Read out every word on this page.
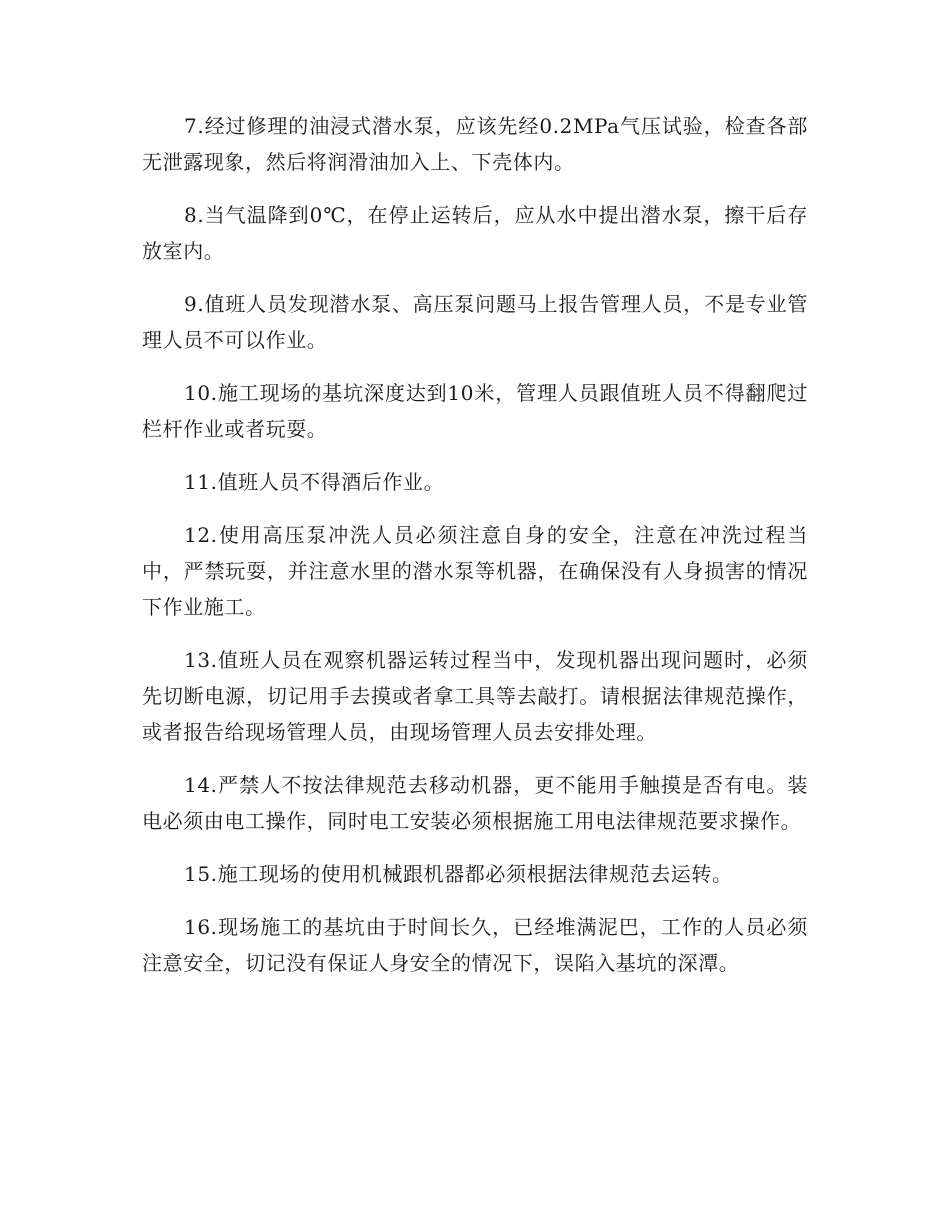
7.经过修理的油浸式潜水泵，应该先经0.2MPa气压试验，检查各部无泄露现象，然后将润滑油加入上、下壳体内。

8.当气温降到0℃，在停止运转后，应从水中提出潜水泵，擦干后存放室内。

9.值班人员发现潜水泵、高压泵问题马上报告管理人员，不是专业管理人员不可以作业。

10.施工现场的基坑深度达到10米，管理人员跟值班人员不得翻爬过栏杆作业或者玩耍。

11.值班人员不得酒后作业。

12.使用高压泵冲洗人员必须注意自身的安全，注意在冲洗过程当中，严禁玩耍，并注意水里的潜水泵等机器，在确保没有人身损害的情况下作业施工。

13.值班人员在观察机器运转过程当中，发现机器出现问题时，必须先切断电源，切记用手去摸或者拿工具等去敲打。请根据法律规范操作，或者报告给现场管理人员，由现场管理人员去安排处理。

14.严禁人不按法律规范去移动机器，更不能用手触摸是否有电。装电必须由电工操作，同时电工安装必须根据施工用电法律规范要求操作。

15.施工现场的使用机械跟机器都必须根据法律规范去运转。

16.现场施工的基坑由于时间长久，已经堆满泥巴，工作的人员必须注意安全，切记没有保证人身安全的情况下，误陷入基坑的深潭。
